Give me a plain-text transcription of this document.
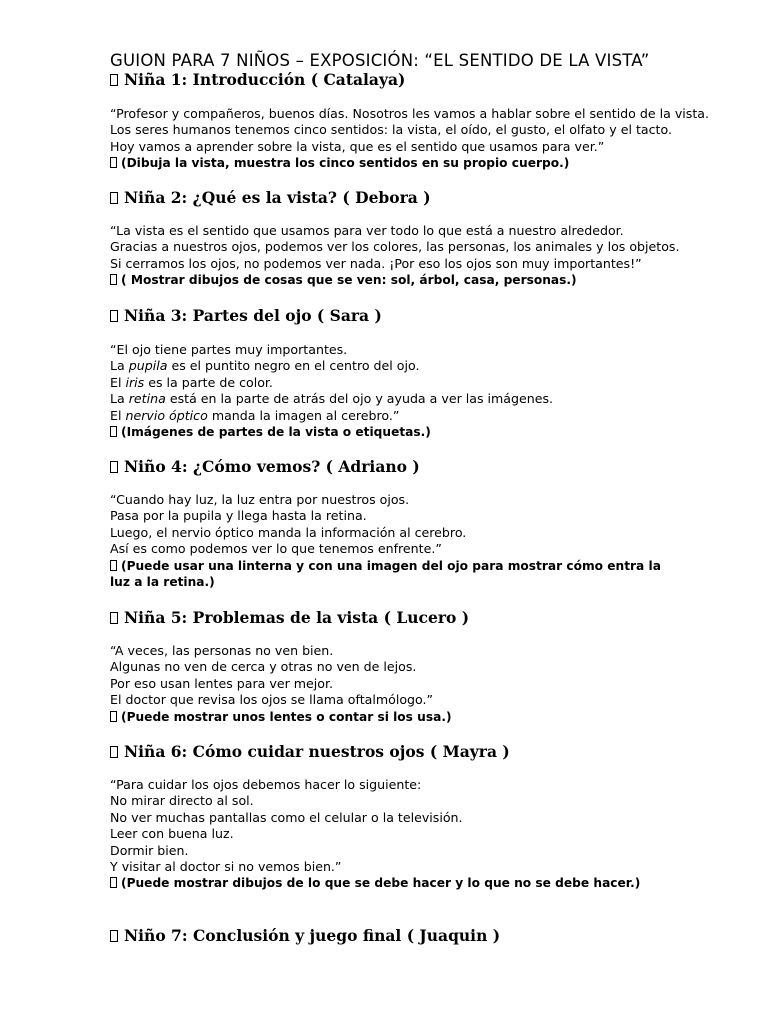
GUION PARA 7 NIÑOS – EXPOSICIÓN: “EL SENTIDO DE LA VISTA”
Niña 1: Introducción ( Catalaya)

“Profesor y compañeros, buenos días. Nosotros les vamos a hablar sobre el sentido de la vista.

Los seres humanos tenemos cinco sentidos: la vista, el oído, el gusto, el olfato y el tacto.

Hoy vamos a aprender sobre la vista, que es el sentido que usamos para ver.”

(Dibuja la vista, muestra los cinco sentidos en su propio cuerpo.)

Niña 2: ¿Qué es la vista? ( Debora )

“La vista es el sentido que usamos para ver todo lo que está a nuestro alrededor.

Gracias a nuestros ojos, podemos ver los colores, las personas, los animales y los objetos.

Si cerramos los ojos, no podemos ver nada. ¡Por eso los ojos son muy importantes!”

( Mostrar dibujos de cosas que se ven: sol, árbol, casa, personas.)

Niña 3: Partes del ojo ( Sara )

“El ojo tiene partes muy importantes.

La pupila es el puntito negro en el centro del ojo.

El iris es la parte de color.

La retina está en la parte de atrás del ojo y ayuda a ver las imágenes.

El nervio óptico manda la imagen al cerebro.”

(Imágenes de partes de la vista o etiquetas.)

Niño 4: ¿Cómo vemos? ( Adriano )

“Cuando hay luz, la luz entra por nuestros ojos.

Pasa por la pupila y llega hasta la retina.

Luego, el nervio óptico manda la información al cerebro.

Así es como podemos ver lo que tenemos enfrente.”

(Puede usar una linterna y con una imagen del ojo para mostrar cómo entra la luz a la retina.)

Niña 5: Problemas de la vista ( Lucero )

“A veces, las personas no ven bien.

Algunas no ven de cerca y otras no ven de lejos.

Por eso usan lentes para ver mejor.

El doctor que revisa los ojos se llama oftalmólogo.”

(Puede mostrar unos lentes o contar si los usa.)

Niña 6: Cómo cuidar nuestros ojos ( Mayra )

“Para cuidar los ojos debemos hacer lo siguiente:

No mirar directo al sol.

No ver muchas pantallas como el celular o la televisión.

Leer con buena luz.

Dormir bien.

Y visitar al doctor si no vemos bien.”

(Puede mostrar dibujos de lo que se debe hacer y lo que no se debe hacer.)

Niño 7: Conclusión y juego final ( Juaquin )
